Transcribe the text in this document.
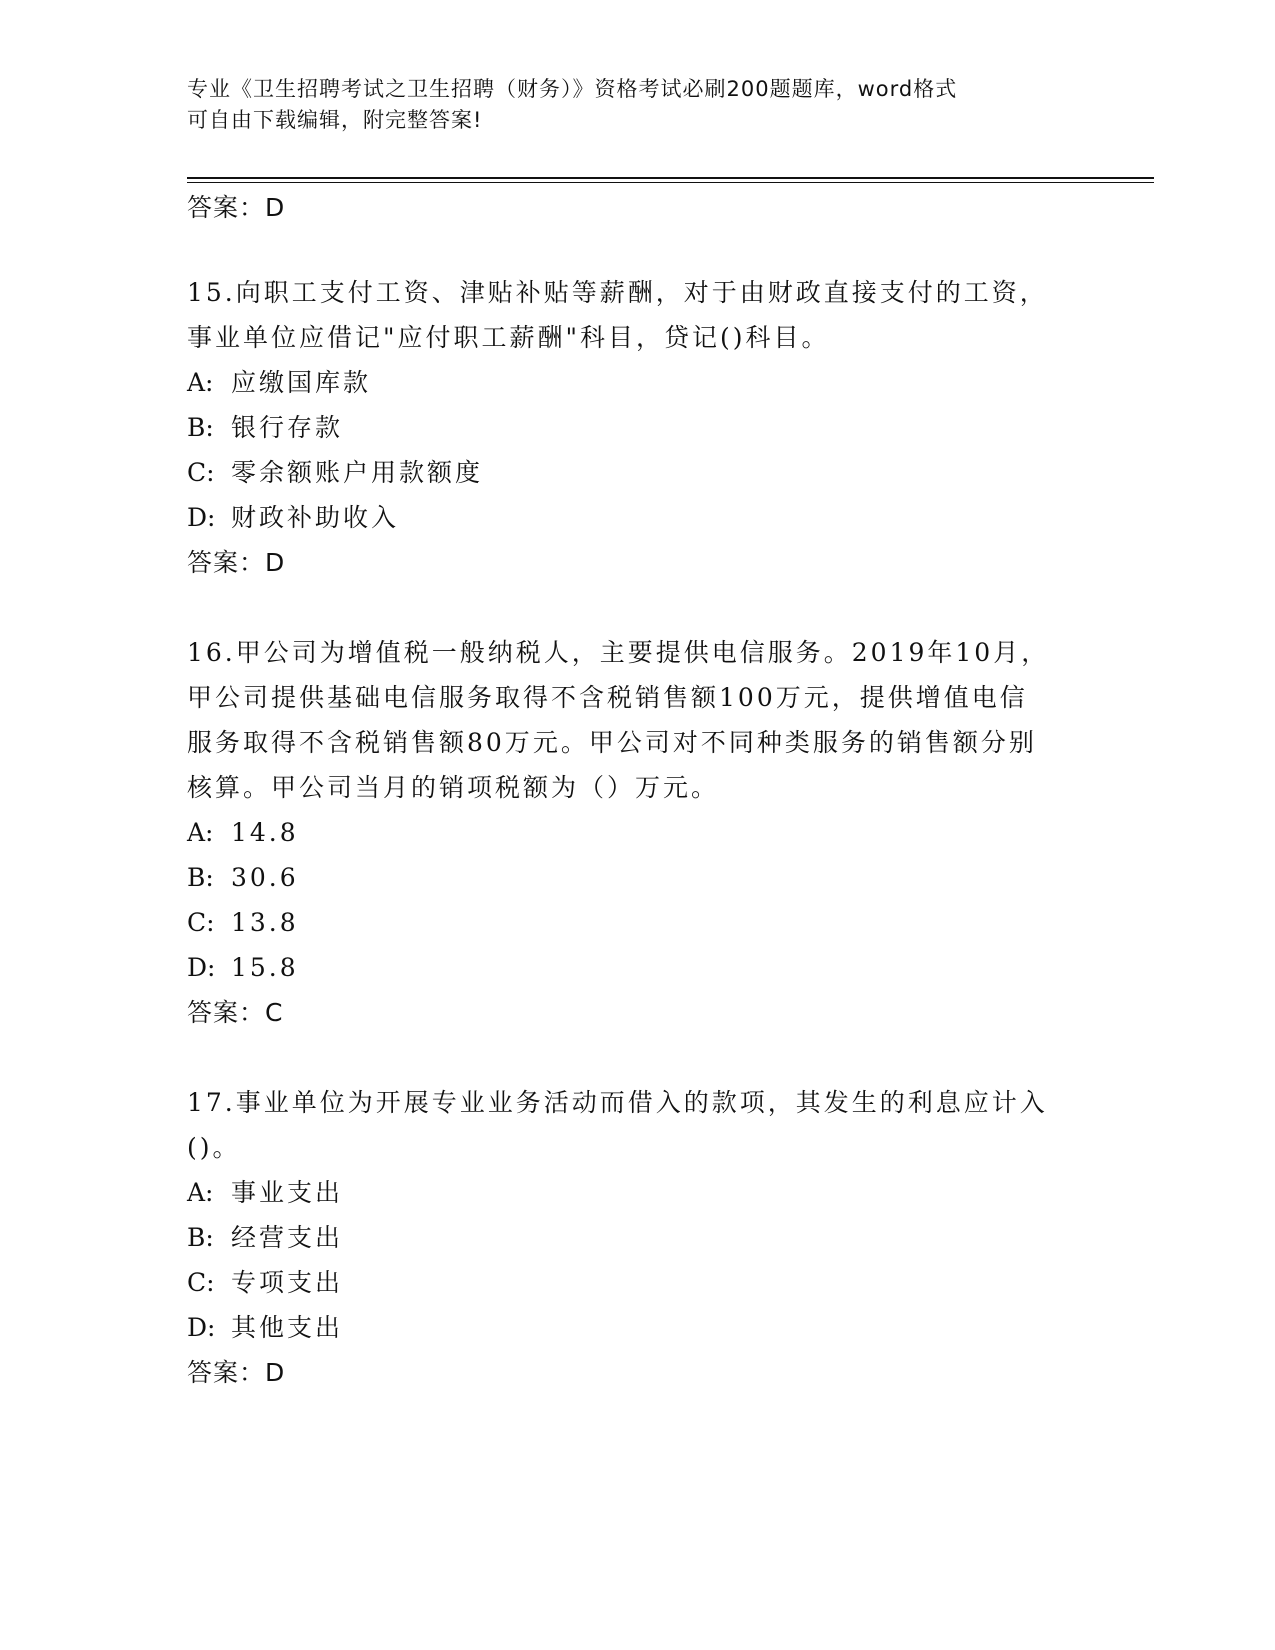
专业《卫生招聘考试之卫生招聘（财务）》资格考试必刷200题题库，word格式
可自由下载编辑，附完整答案!
答案：D

15.向职工支付工资、津贴补贴等薪酬，对于由财政直接支付的工资，
事业单位应借记"应付职工薪酬"科目，贷记()科目。

A: 应缴国库款
B: 银行存款
C: 零余额账户用款额度
D: 财政补助收入
答案：D

16.甲公司为增值税一般纳税人，主要提供电信服务。2019年10月，
甲公司提供基础电信服务取得不含税销售额100万元，提供增值电信
服务取得不含税销售额80万元。甲公司对不同种类服务的销售额分别
核算。甲公司当月的销项税额为（）万元。

A: 14.8
B: 30.6
C: 13.8
D: 15.8
答案：C

17.事业单位为开展专业业务活动而借入的款项，其发生的利息应计入
()。

A: 事业支出
B: 经营支出
C: 专项支出
D: 其他支出
答案：D
